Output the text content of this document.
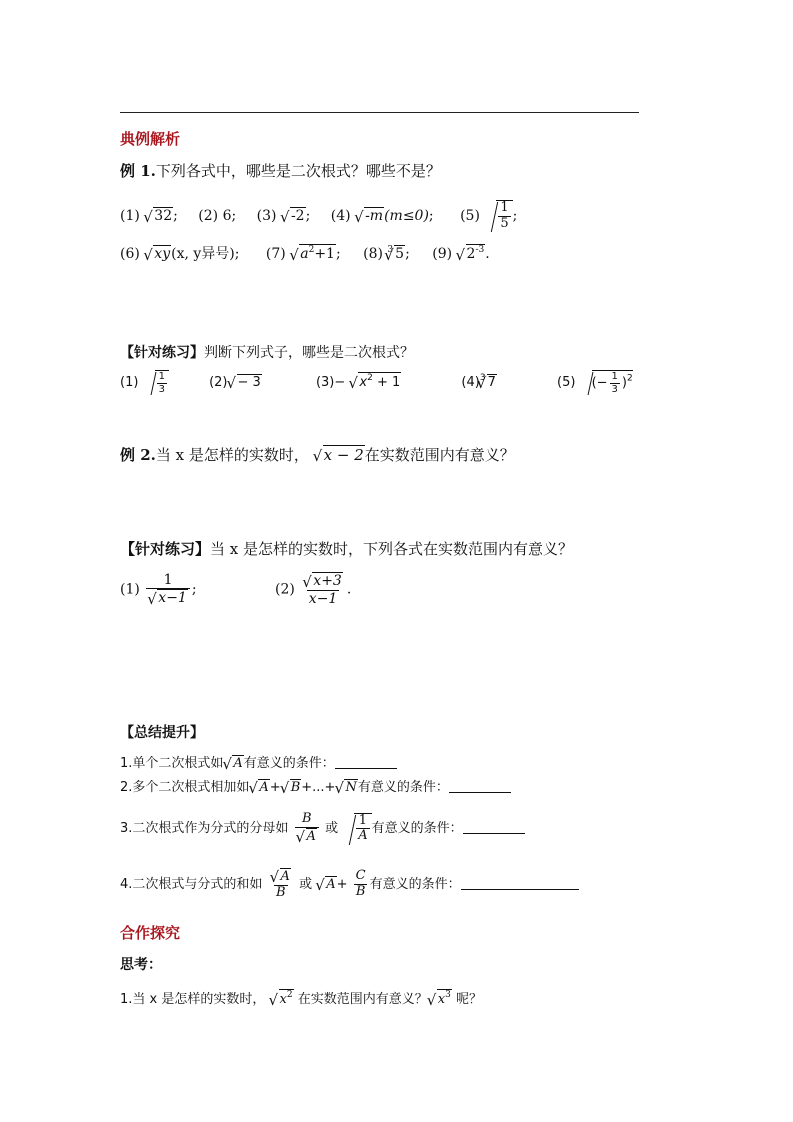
典例解析
例 1.下列各式中，哪些是二次根式？哪些不是？
(1) √ 32; (2) 6; (3) √ -2; (4) √ -m(m≤0); $(5) \frac{1}{5}$ ;
(6) √ xy(x, y异号); (7) √ $a^2+1$; (8) $^3$√ 5; (9) √ $2^{-3}$.
【针对练习】判断下列式子，哪些是二次根式？
$(1) \frac{1}{3}$	(2)√ − 3	(3)− √ $x^2 + 1$	$(4)^3√$ 7	(5) (− $\frac{1}{3} )^2$
例 2.当 x 是怎样的实数时， √ x − 2在实数范围内有意义？
【针对练习】当 x 是怎样的实数时，下列各式在实数范围内有意义？
(1) 1
√ x−1 ;	(2)
√ $\frac{x+3}{x-1}$ .
【总结提升】
1.单个二次根式如√ A有意义的条件：
2.多个二次根式相加如√ A+√ B+...+√ N有意义的条件：
3.二次根式作为分式的分母如 B
√ A 或 $\frac{1}{A}$ 有意义的条件：
4.二次根式与分式的和如
√ $\frac{A}{B}$ 或 √ $A+ \frac{C}{B}$ 有意义的条件：
合作探究
思考：
1.当 x 是怎样的实数时， √ $x^2$ 在实数范围内有意义？√ $x^3$ 呢？
